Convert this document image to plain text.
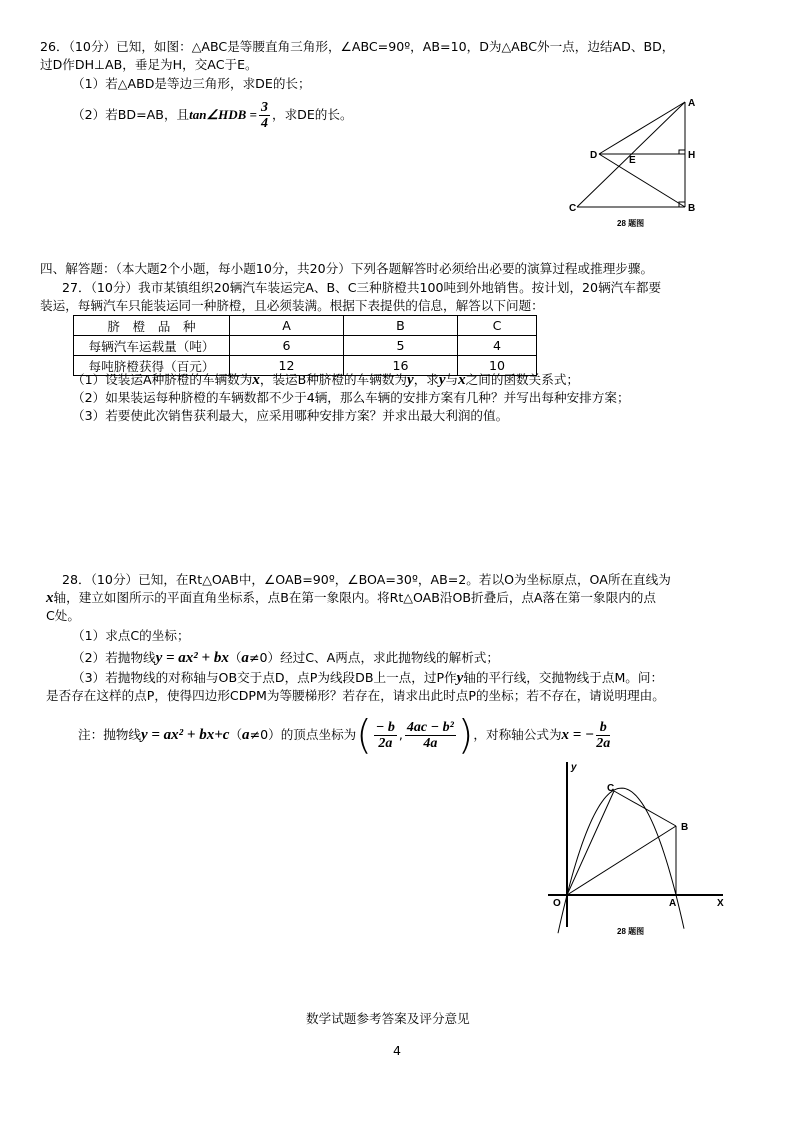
26．（10分）已知，如图：△ABC是等腰直角三角形，∠ABC=90º，AB=10，D为△ABC外一点，边结AD、BD，
过D作DH⊥AB，垂足为H，交AC于E。
（1）若△ABD是等边三角形，求DE的长；
（2）若BD=AB，且tan∠HDB = $\frac{3}{4}$ ，求DE的长。
A
D	E	H
C	B
28 题图
y
C
B
O	A	X
28 题图
四、解答题：（本大题2个小题，每小题10分，共20分）下列各题解答时必须给出必要的演算过程或推理步骤。
27．（10分）我市某镇组织20辆汽车装运完A、B、C三种脐橙共100吨到外地销售。按计划，20辆汽车都要
装运，每辆汽车只能装运同一种脐橙，且必须装满。根据下表提供的信息，解答以下问题：
脐　橙　品　种	A	B	C
每辆汽车运载量（吨）	6	5	4
每吨脐橙获得（百元）	12	16	10
（1）设装运A种脐橙的车辆数为x，装运B种脐橙的车辆数为y，求y与x之间的函数关系式；
（2）如果装运每种脐橙的车辆数都不少于4辆，那么车辆的安排方案有几种？并写出每种安排方案；
（3）若要使此次销售获利最大，应采用哪种安排方案？并求出最大利润的值。
28．（10分）已知，在Rt△OAB中，∠OAB=90º，∠BOA=30º，AB=2。若以O为坐标原点，OA所在直线为
x轴，建立如图所示的平面直角坐标系，点B在第一象限内。将Rt△OAB沿OB折叠后，点A落在第一象限内的点
C处。
（1）求点C的坐标；
（2）若抛物线y = ax² + bx（a≠0）经过C、A两点，求此抛物线的解析式；
（3）若抛物线的对称轴与OB交于点D，点P为线段DB上一点，过P作y轴的平行线，交抛物线于点M。问：
是否存在这样的点P，使得四边形CDPM为等腰梯形？若存在，请求出此时点P的坐标；若不存在，请说明理由。
注：抛物线y = ax² + bx+c（a≠0）的顶点坐标为( $\frac{- b}{2a}$ , $\frac{\text{4ac − b²}}{4a}$ )，对称轴公式为x = − $\frac{b}{2a}$
数学试题参考答案及评分意见
4
